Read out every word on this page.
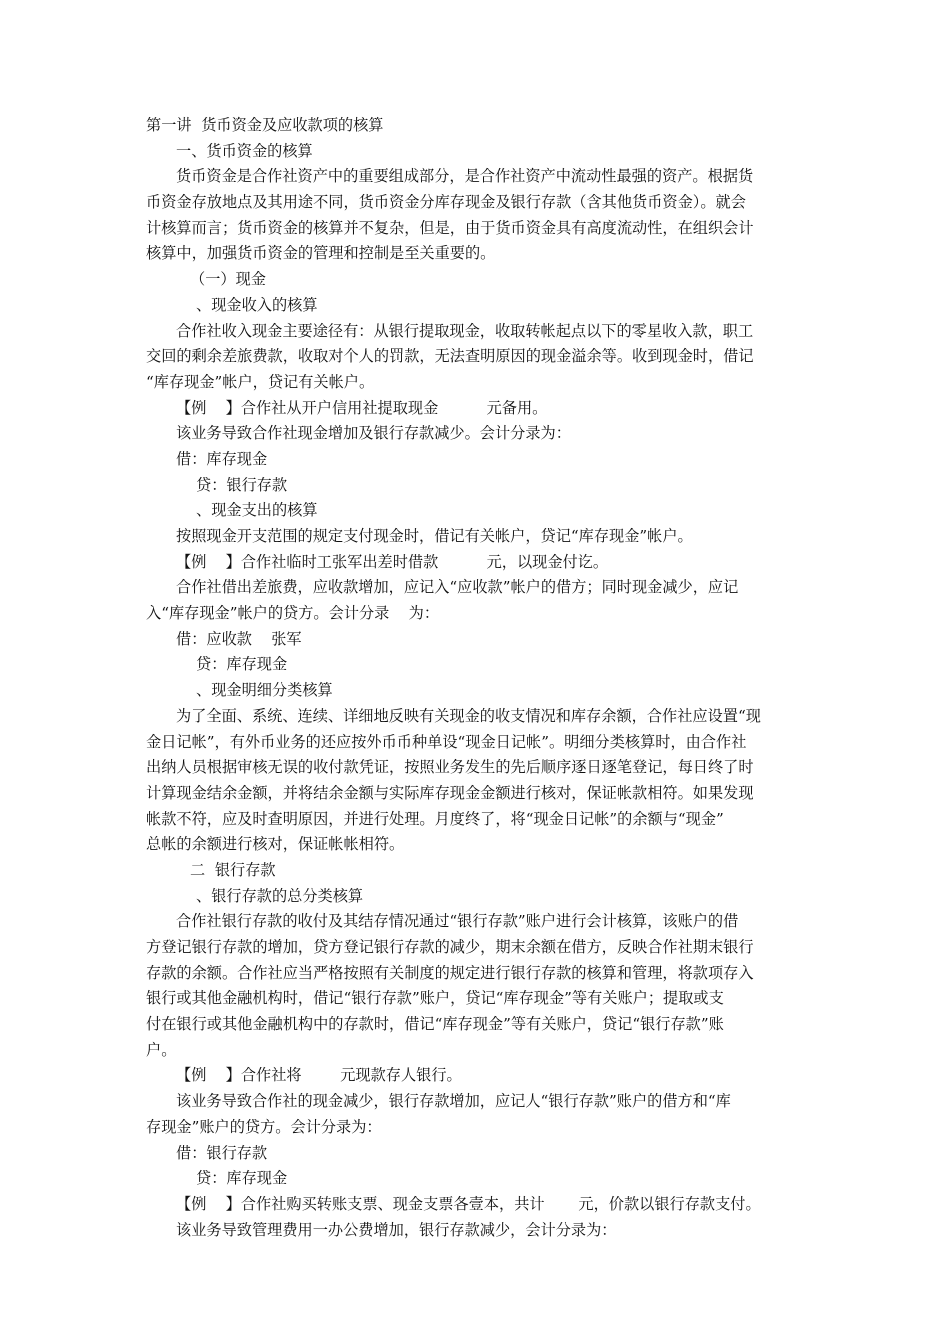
第一讲  货币资金及应收款项的核算
一、货币资金的核算
货币资金是合作社资产中的重要组成部分，是合作社资产中流动性最强的资产。根据货
币资金存放地点及其用途不同，货币资金分库存现金及银行存款（含其他货币资金）。就会
计核算而言；货币资金的核算并不复杂，但是，由于货币资金具有高度流动性，在组织会计
核算中，加强货币资金的管理和控制是至关重要的。
（一）现金
、现金收入的核算
合作社收入现金主要途径有：从银行提取现金，收取转帐起点以下的零星收入款，职工
交回的剩余差旅费款，收取对个人的罚款，无法查明原因的现金溢余等。收到现金时，借记
“库存现金”帐户，贷记有关帐户。
【例    】合作社从开户信用社提取现金          元备用。
该业务导致合作社现金增加及银行存款减少。会计分录为：
借：库存现金
贷：银行存款
、现金支出的核算
按照现金开支范围的规定支付现金时，借记有关帐户，贷记“库存现金”帐户。
【例    】合作社临时工张军出差时借款          元，以现金付讫。
合作社借出差旅费，应收款增加，应记入“应收款”帐户的借方；同时现金减少，应记
入“库存现金”帐户的贷方。会计分录    为：
借：应收款    张军
贷：库存现金
、现金明细分类核算
为了全面、系统、连续、详细地反映有关现金的收支情况和库存余额，合作社应设置“现
金日记帐”，有外币业务的还应按外币币种单设“现金日记帐”。明细分类核算时，由合作社
出纳人员根据审核无误的收付款凭证，按照业务发生的先后顺序逐日逐笔登记，每日终了时
计算现金结余金额，并将结余金额与实际库存现金金额进行核对，保证帐款相符。如果发现
帐款不符，应及时查明原因，并进行处理。月度终了，将“现金日记帐”的余额与“现金”
总帐的余额进行核对，保证帐帐相符。
二  银行存款
、银行存款的总分类核算
合作社银行存款的收付及其结存情况通过“银行存款”账户进行会计核算，该账户的借
方登记银行存款的增加，贷方登记银行存款的减少，期末余额在借方，反映合作社期末银行
存款的余额。合作社应当严格按照有关制度的规定进行银行存款的核算和管理，将款项存入
银行或其他金融机构时，借记“银行存款”账户，贷记“库存现金”等有关账户；提取或支
付在银行或其他金融机构中的存款时，借记“库存现金”等有关账户，贷记“银行存款”账
户。
【例    】合作社将        元现款存人银行。
该业务导致合作社的现金减少，银行存款增加，应记人“银行存款”账户的借方和“库
存现金”账户的贷方。会计分录为：
借：银行存款
贷：库存现金
【例    】合作社购买转账支票、现金支票各壹本，共计       元，价款以银行存款支付。
该业务导致管理费用一办公费增加，银行存款减少，会计分录为：
